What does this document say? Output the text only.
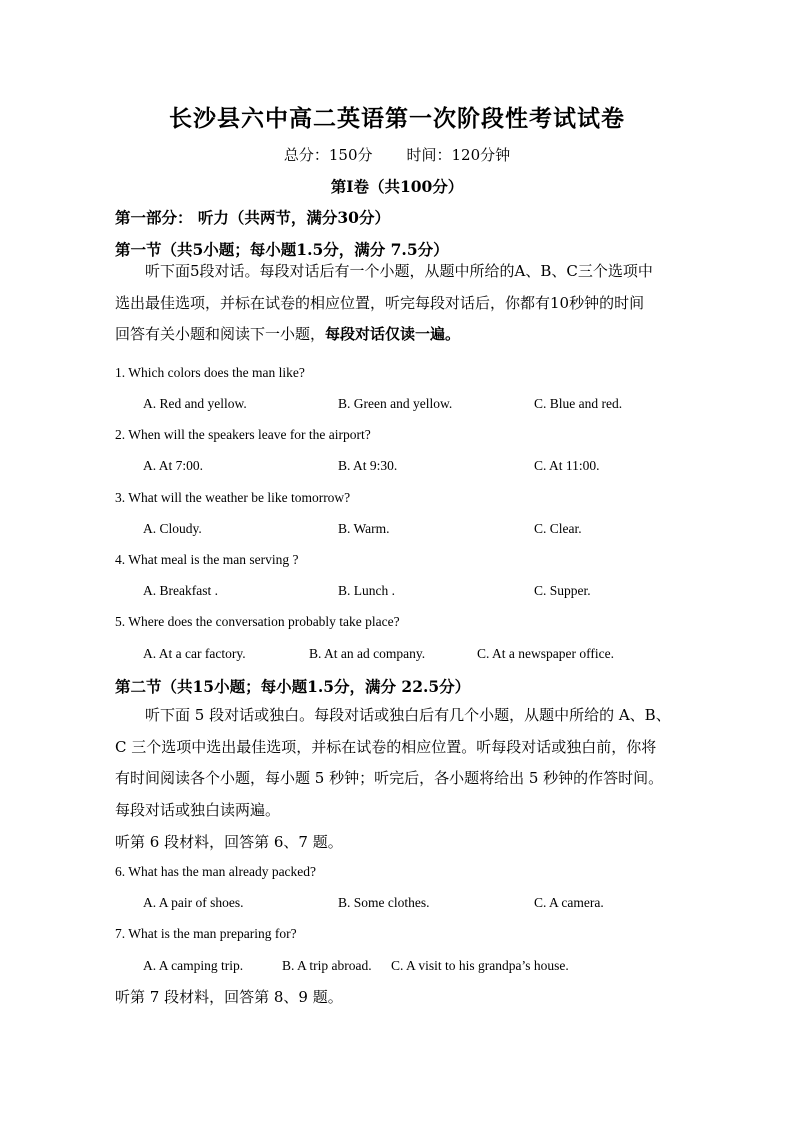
长沙县六中高二英语第一次阶段性考试试卷
总分：150分 时间：120分钟
第I卷（共100分）
第一部分： 听力（共两节，满分30分）
第一节（共5小题；每小题1.5分，满分 7.5分）
听下面5段对话。每段对话后有一个小题，从题中所给的A、B、C三个选项中
选出最佳选项，并标在试卷的相应位置，听完每段对话后，你都有10秒钟的时间
回答有关小题和阅读下一小题，每段对话仅读一遍。
1. Which colors does the man like?
A. Red and yellow.	B. Green and yellow.	C. Blue and red.
2. When will the speakers leave for the airport?
A. At 7:00.	B. At 9:30.	C. At 11:00.
3. What will the weather be like tomorrow?
A. Cloudy.	B. Warm.	C. Clear.
4. What meal is the man serving ?
A. Breakfast .	B. Lunch .	C. Supper.
5. Where does the conversation probably take place?
A. At a car factory.	B. At an ad company.	C. At a newspaper office.
第二节（共15小题；每小题1.5分，满分 22.5分）
听下面 5 段对话或独白。每段对话或独白后有几个小题，从题中所给的 A、B、
C 三个选项中选出最佳选项，并标在试卷的相应位置。听每段对话或独白前，你将
有时间阅读各个小题，每小题 5 秒钟；听完后，各小题将给出 5 秒钟的作答时间。
每段对话或独白读两遍。
听第 6 段材料，回答第 6、7 题。
6. What has the man already packed?
A. A pair of shoes.	B. Some clothes.	C. A camera.
7. What is the man preparing for?
A. A camping trip.	B. A trip abroad. C. A visit to his grandpa’s house.
听第 7 段材料，回答第 8、9 题。
